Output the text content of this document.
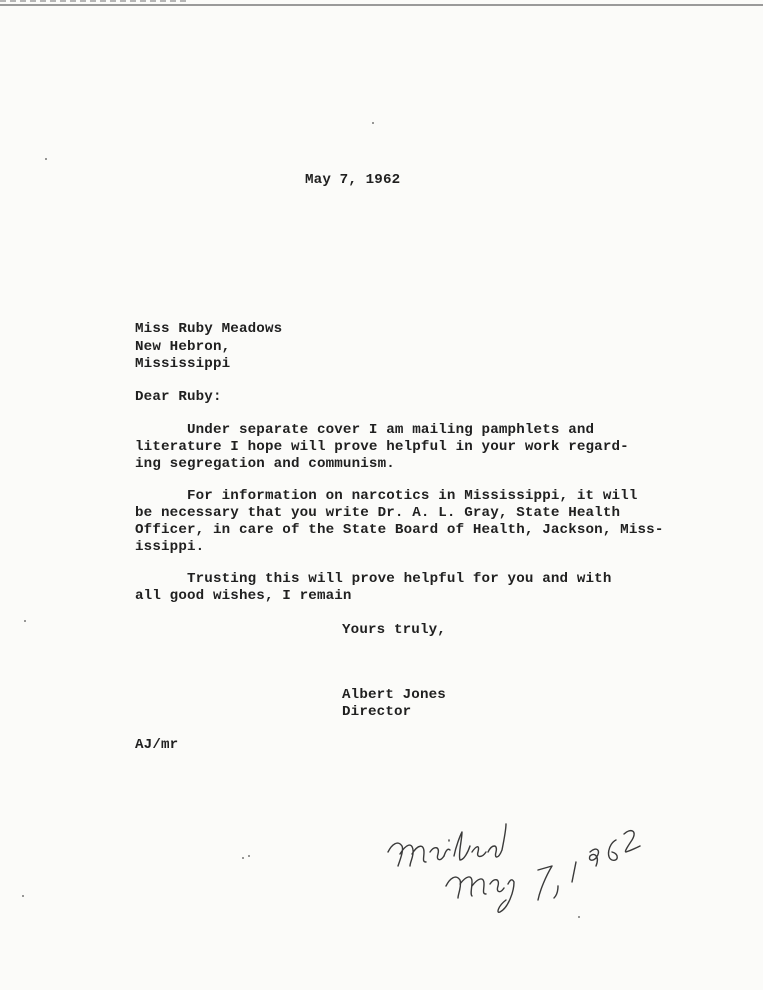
May 7, 1962
Miss Ruby Meadows
New Hebron,
Mississippi
Dear Ruby:
Under separate cover I am mailing pamphlets and
literature I hope will prove helpful in your work regard-
ing segregation and communism.
For information on narcotics in Mississippi, it will
be necessary that you write Dr. A. L. Gray, State Health
Officer, in care of the State Board of Health, Jackson, Miss-
issippi.
Trusting this will prove helpful for you and with
all good wishes, I remain
Yours truly,
Albert Jones
Director
AJ/mr
